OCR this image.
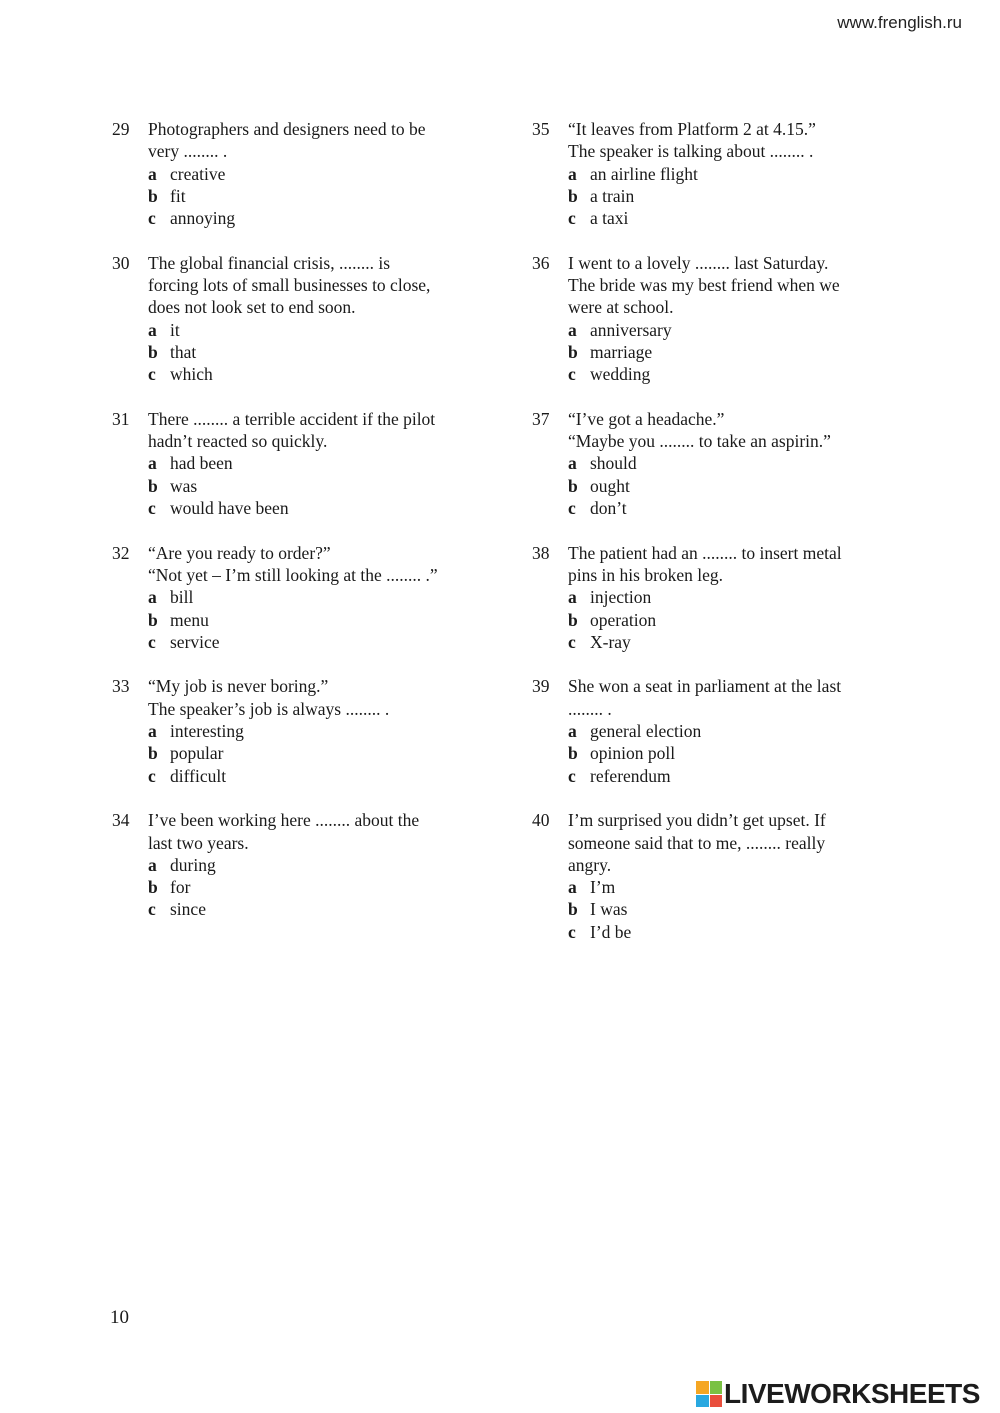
www.frenglish.ru
29 Photographers and designers need to be
very ........ .
a creative
b fit
c annoying
30 The global financial crisis, ........ is
forcing lots of small businesses to close,
does not look set to end soon.
a it
b that
c which
31 There ........ a terrible accident if the pilot
hadn’t reacted so quickly.
a had been
b was
c would have been
32 “Are you ready to order?”
“Not yet – I’m still looking at the ........ .”
a bill
b menu
c service
33 “My job is never boring.”
The speaker’s job is always ........ .
a interesting
b popular
c difficult
34 I’ve been working here ........ about the
last two years.
a during
b for
c since
35 “It leaves from Platform 2 at 4.15.”
The speaker is talking about ........ .
a an airline flight
b a train
c a taxi
36 I went to a lovely ........ last Saturday.
The bride was my best friend when we
were at school.
a anniversary
b marriage
c wedding
37 “I’ve got a headache.”
“Maybe you ........ to take an aspirin.”
a should
b ought
c don’t
38 The patient had an ........ to insert metal
pins in his broken leg.
a injection
b operation
c X-ray
39 She won a seat in parliament at the last
........ .
a general election
b opinion poll
c referendum
40 I’m surprised you didn’t get upset. If
someone said that to me, ........ really
angry.
a I’m
b I was
c I’d be
10
LIVEWORKSHEETS
